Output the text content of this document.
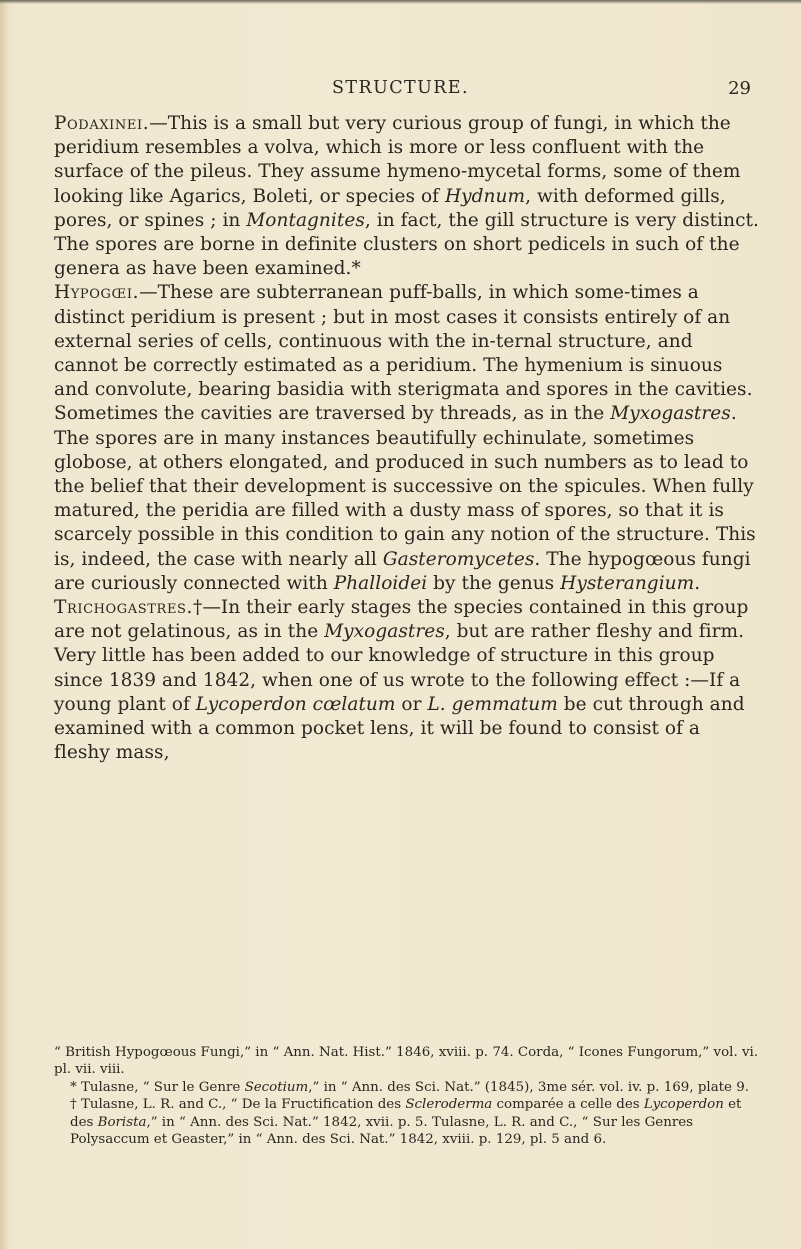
STRUCTURE.	29

Podaxinei.—This is a small but very curious group of fungi, in which the peridium resembles a volva, which is more or less confluent with the surface of the pileus. They assume hymeno-mycetal forms, some of them looking like Agarics, Boleti, or species of Hydnum, with deformed gills, pores, or spines ; in Montagnites, in fact, the gill structure is very distinct. The spores are borne in definite clusters on short pedicels in such of the genera as have been examined.*

Hypogœi.—These are subterranean puff-balls, in which some-times a distinct peridium is present ; but in most cases it consists entirely of an external series of cells, continuous with the in-ternal structure, and cannot be correctly estimated as a peridium. The hymenium is sinuous and convolute, bearing basidia with sterigmata and spores in the cavities. Sometimes the cavities are traversed by threads, as in the Myxogastres. The spores are in many instances beautifully echinulate, sometimes globose, at others elongated, and produced in such numbers as to lead to the belief that their development is successive on the spicules. When fully matured, the peridia are filled with a dusty mass of spores, so that it is scarcely possible in this condition to gain any notion of the structure. This is, indeed, the case with nearly all Gasteromycetes. The hypogœous fungi are curiously connected with Phalloidei by the genus Hysterangium.

Trichogastres.†—In their early stages the species contained in this group are not gelatinous, as in the Myxogastres, but are rather fleshy and firm. Very little has been added to our knowledge of structure in this group since 1839 and 1842, when one of us wrote to the following effect :—If a young plant of Lycoperdon cœlatum or L. gemmatum be cut through and examined with a common pocket lens, it will be found to consist of a fleshy mass,

“ British Hypogœous Fungi,” in “ Ann. Nat. Hist.” 1846, xviii. p. 74. Corda, “ Icones Fungorum,” vol. vi. pl. vii. viii.

* Tulasne, “ Sur le Genre Secotium,” in “ Ann. des Sci. Nat.” (1845), 3me sér. vol. iv. p. 169, plate 9.

† Tulasne, L. R. and C., “ De la Fructification des Scleroderma comparée a celle des Lycoperdon et des Borista,” in “ Ann. des Sci. Nat.” 1842, xvii. p. 5. Tulasne, L. R. and C., “ Sur les Genres Polysaccum et Geaster,” in “ Ann. des Sci. Nat.” 1842, xviii. p. 129, pl. 5 and 6.
